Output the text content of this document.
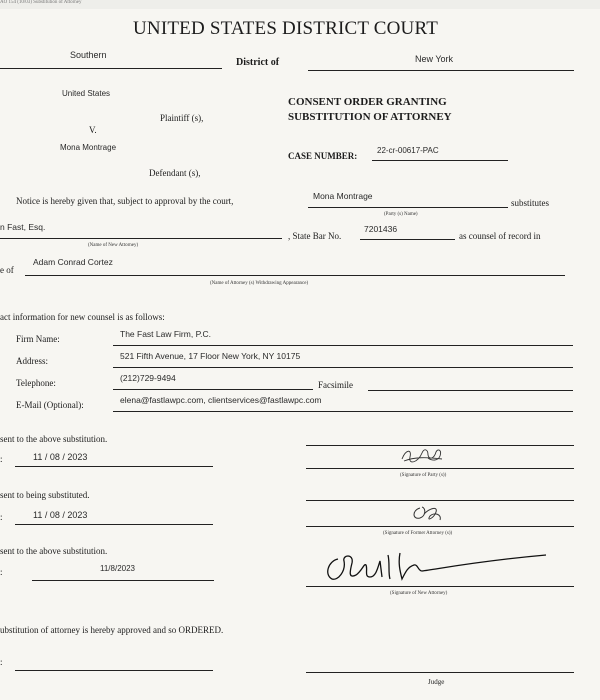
AO 154 (10/03) Substitution of Attorney
UNITED STATES DISTRICT COURT
Southern
District of	New York
United States
Plaintiff (s),
V.
Mona Montrage
Defendant (s),
CONSENT ORDER GRANTING
SUBSTITUTION OF ATTORNEY
CASE NUMBER:
22-cr-00617-PAC
Notice is hereby given that, subject to approval by the court,	Mona Montrage
substitutes
(Party (s) Name)
n Fast, Esq.
, State Bar No.
7201436
as counsel of record in
(Name of New Attorney)
e of
Adam Conrad Cortez
(Name of Attorney (s) Withdrawing Appearance)
act information for new counsel is as follows:
Firm Name:	The Fast Law Firm, P.C.
Address:	521 Fifth Avenue, 17 Floor New York, NY 10175
Telephone:	(212)729-9494
Facsimile
E-Mail (Optional):	elena@fastlawpc.com, clientservices@fastlawpc.com
sent to the above substitution.
:	11 / 08 / 2023
(Signature of Party (s))
sent to being substituted.
:	11 / 08 / 2023
(Signature of Former Attorney (s))
sent to the above substitution.
:	11/8/2023
(Signature of New Attorney)
ubstitution of attorney is hereby approved and so ORDERED.
:
Judge
